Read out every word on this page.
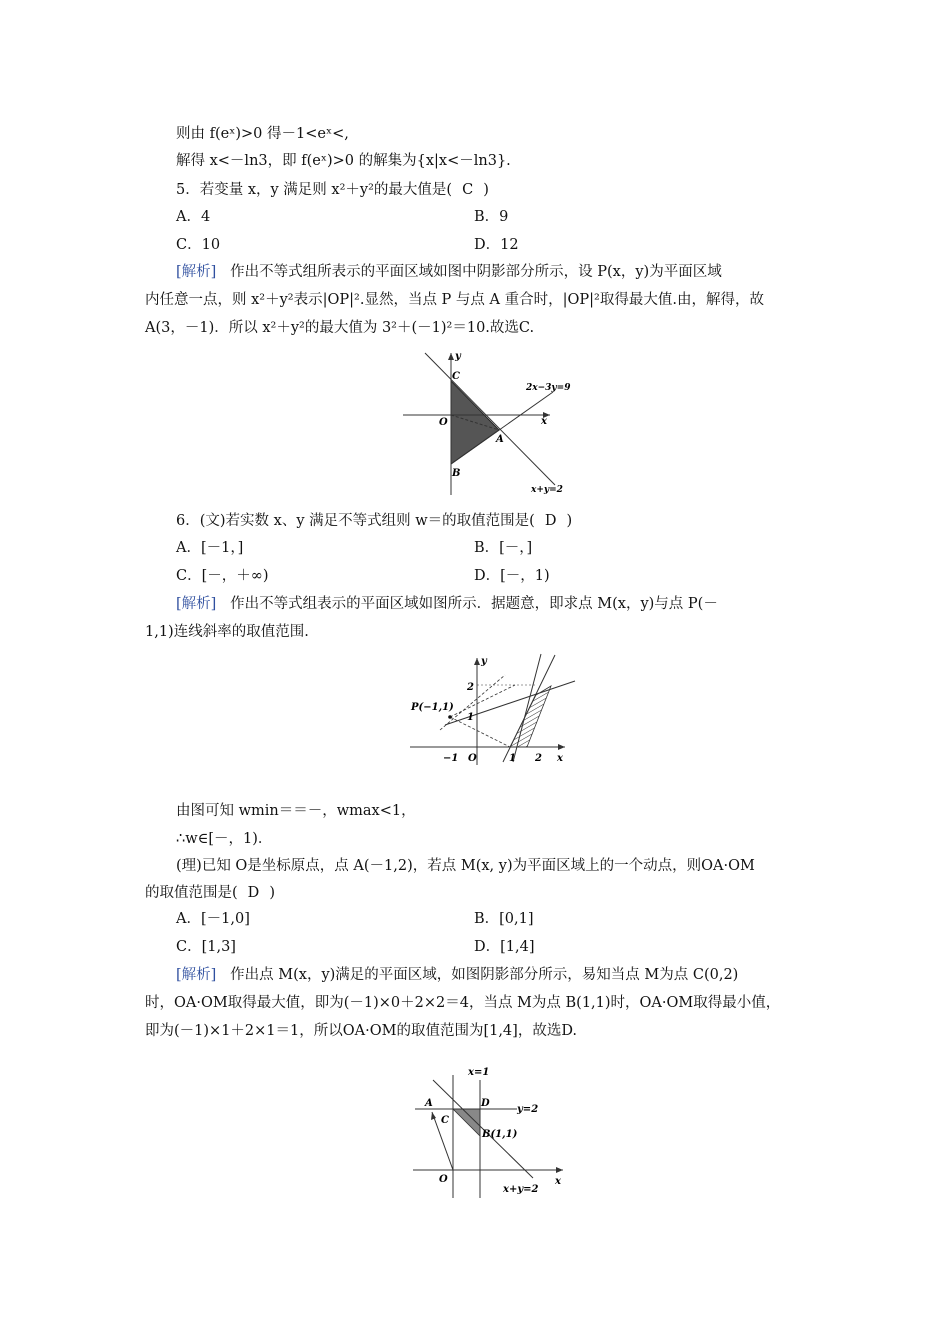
则由 f(eˣ)>0 得－1<eˣ<,
解得 x<－ln3，即 f(eˣ)>0 的解集为{x|x<－ln3}.
5．若变量 x，y 满足则 x²＋y²的最大值是( C )
A．4	B．9
C．10	D．12
[解析] 作出不等式组所表示的平面区域如图中阴影部分所示，设 P(x，y)为平面区域
内任意一点，则 x²＋y²表示|OP|².显然，当点 P 与点 A 重合时，|OP|²取得最大值.由，解得，故
A(3，－1)．所以 x²＋y²的最大值为 3²＋(－1)²＝10.故选C.
y
x
O
C
A
B
2x−3y=9
x+y=2
6．(文)若实数 x、y 满足不等式组则 w＝的取值范围是( D )
A．[－1，]	B．[－，]
C．[－，＋∞)	D．[－，1)
[解析] 作出不等式组表示的平面区域如图所示．据题意，即求点 M(x，y)与点 P(－
1,1)连线斜率的取值范围.
y
x
P(−1,1)
O
2
1
−1	1 2
由图可知 wmin＝＝－，wmax<1，
∴w∈[－，1)．
(理)已知 O是坐标原点，点 A(－1,2)，若点 M(x, y)为平面区域上的一个动点，则OA·OM
的取值范围是( D )
A．[－1,0]	B．[0,1]
C．[1,3]	D．[1,4]
[解析] 作出点 M(x，y)满足的平面区域，如图阴影部分所示，易知当点 M为点 C(0,2)
时，OA·OM取得最大值，即为(－1)×0＋2×2＝4，当点 M为点 B(1,1)时，OA·OM取得最小值，
即为(－1)×1＋2×1＝1，所以OA·OM的取值范围为[1,4]，故选D.
x=1
y=2
A	D
C
B(1,1)
O	x
x+y=2
